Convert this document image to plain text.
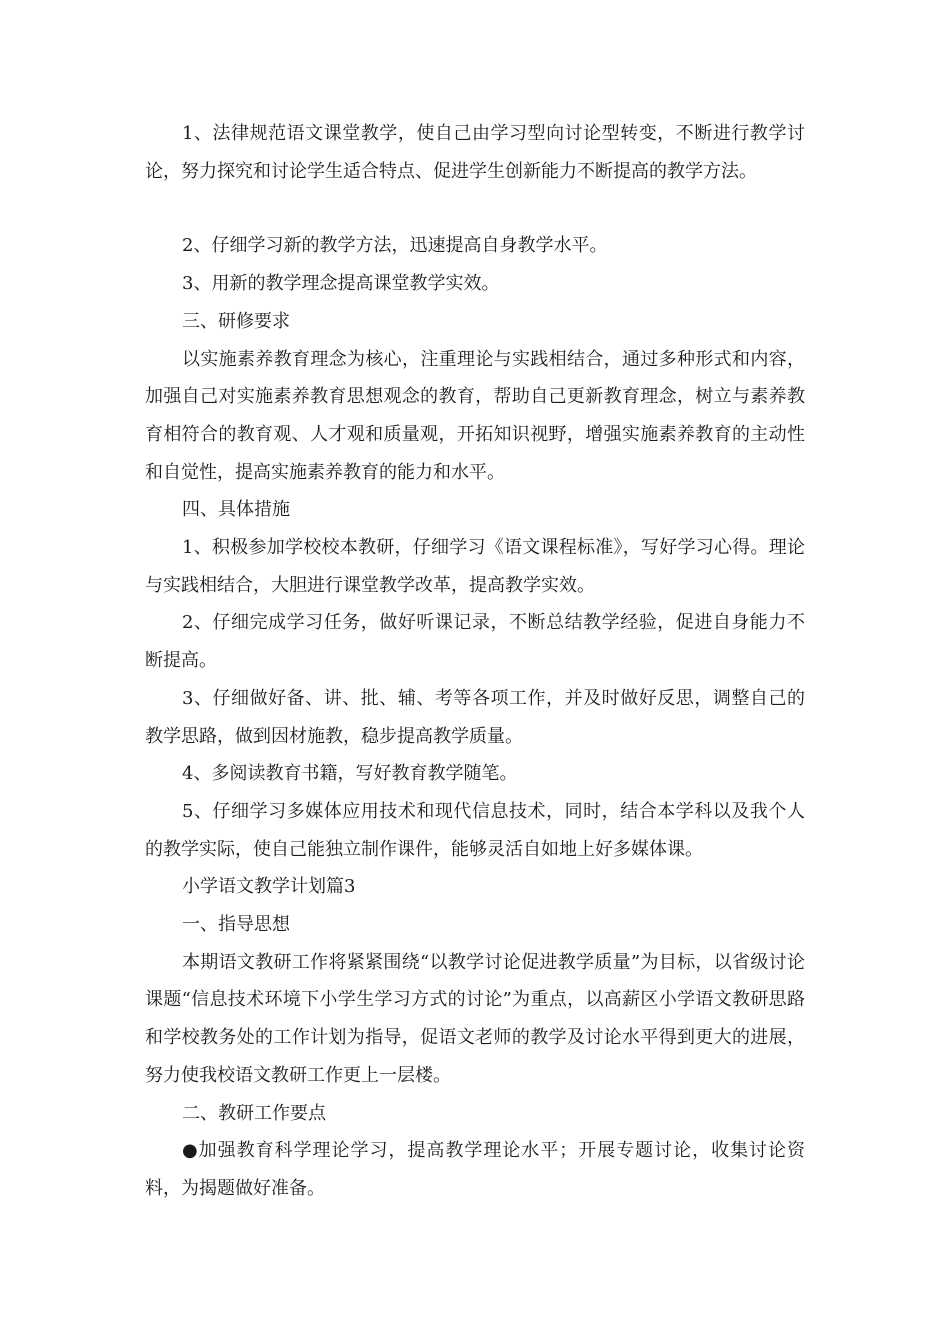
1、法律规范语文课堂教学，使自己由学习型向讨论型转变，不断进行教学讨论，努力探究和讨论学生适合特点、促进学生创新能力不断提高的教学方法。

2、仔细学习新的教学方法，迅速提高自身教学水平。

3、用新的教学理念提高课堂教学实效。

三、研修要求

以实施素养教育理念为核心，注重理论与实践相结合，通过多种形式和内容，加强自己对实施素养教育思想观念的教育，帮助自己更新教育理念，树立与素养教育相符合的教育观、人才观和质量观，开拓知识视野，增强实施素养教育的主动性和自觉性，提高实施素养教育的能力和水平。

四、具体措施

1、积极参加学校校本教研，仔细学习《语文课程标准》，写好学习心得。理论与实践相结合，大胆进行课堂教学改革，提高教学实效。

2、仔细完成学习任务，做好听课记录，不断总结教学经验，促进自身能力不断提高。

3、仔细做好备、讲、批、辅、考等各项工作，并及时做好反思，调整自己的教学思路，做到因材施教，稳步提高教学质量。

4、多阅读教育书籍，写好教育教学随笔。

5、仔细学习多媒体应用技术和现代信息技术，同时，结合本学科以及我个人的教学实际，使自己能独立制作课件，能够灵活自如地上好多媒体课。

小学语文教学计划篇3

一、指导思想

本期语文教研工作将紧紧围绕“以教学讨论促进教学质量”为目标，以省级讨论课题“信息技术环境下小学生学习方式的讨论”为重点，以高薪区小学语文教研思路和学校教务处的工作计划为指导，促语文老师的教学及讨论水平得到更大的进展，努力使我校语文教研工作更上一层楼。

二、教研工作要点

●加强教育科学理论学习，提高教学理论水平；开展专题讨论，收集讨论资料，为揭题做好准备。
